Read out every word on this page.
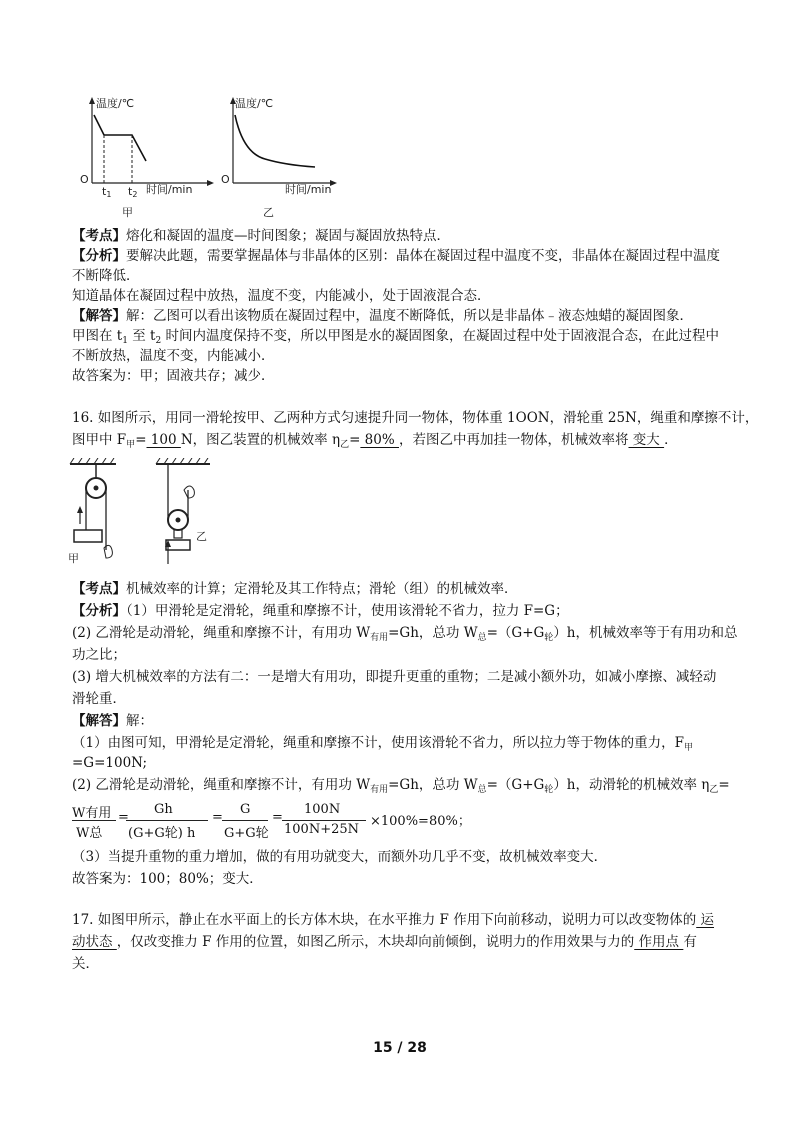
温度/℃
O
t1 t2 时间/min
甲
温度/℃
O
时间/min
乙
【考点】熔化和凝固的温度—时间图象；凝固与凝固放热特点．
【分析】要解决此题，需要掌握晶体与非晶体的区别：晶体在凝固过程中温度不变，非晶体在凝固过程中温度
不断降低．
知道晶体在凝固过程中放热，温度不变，内能减小，处于固液混合态．
【解答】解：乙图可以看出该物质在凝固过程中，温度不断降低，所以是非晶体﹣液态烛蜡的凝固图象．
甲图在 $t_1$ 至 $t_2$ 时间内温度保持不变，所以甲图是水的凝固图象，在凝固过程中处于固液混合态，在此过程中
不断放热，温度不变，内能减小．
故答案为：甲；固液共存；减少．
16. 如图所示，用同一滑轮按甲、乙两种方式匀速提升同一物体，物体重 1OON，滑轮重 25N，绳重和摩擦不计，
图甲中 $F_甲= 100$ N，图乙装置的机械效率 $\eta_乙= 80\%$ ，若图乙中再加挂一物体，机械效率将 变大 ．
甲
乙
【考点】机械效率的计算；定滑轮及其工作特点；滑轮（组）的机械效率．
【分析】（1）甲滑轮是定滑轮，绳重和摩擦不计，使用该滑轮不省力，拉力 F=G；
(2) 乙滑轮是动滑轮，绳重和摩擦不计，有用功 $W_{有用}=Gh$，总功 $W_总=(G+G_轮)h$，机械效率等于有用功和总
功之比；
(3) 增大机械效率的方法有二：一是增大有用功，即提升更重的重物；二是减小额外功，如减小摩擦、减轻动
滑轮重．
【解答】解：
（1）由图可知，甲滑轮是定滑轮，绳重和摩擦不计，使用该滑轮不省力，所以拉力等于物体的重力，$F_甲$
=G=100N;
(2) 乙滑轮是动滑轮，绳重和摩擦不计，有用功 $W_{有用}=Gh$，总功 $W_总=(G+G_轮)h$，动滑轮的机械效率 $\eta_乙=$
W有用
W总
=
Gh
(G+G轮) h
=
G
G+G轮
=
100N
100N+25N
×100%=80%；
（3）当提升重物的重力增加，做的有用功就变大，而额外功几乎不变，故机械效率变大．
故答案为：100；80%；变大．
17. 如图甲所示，静止在水平面上的长方体木块，在水平推力 F 作用下向前移动，说明力可以改变物体的 运
动状态 ，仅改变推力 F 作用的位置，如图乙所示，木块却向前倾倒，说明力的作用效果与力的 作用点 有
关．
15 / 28
